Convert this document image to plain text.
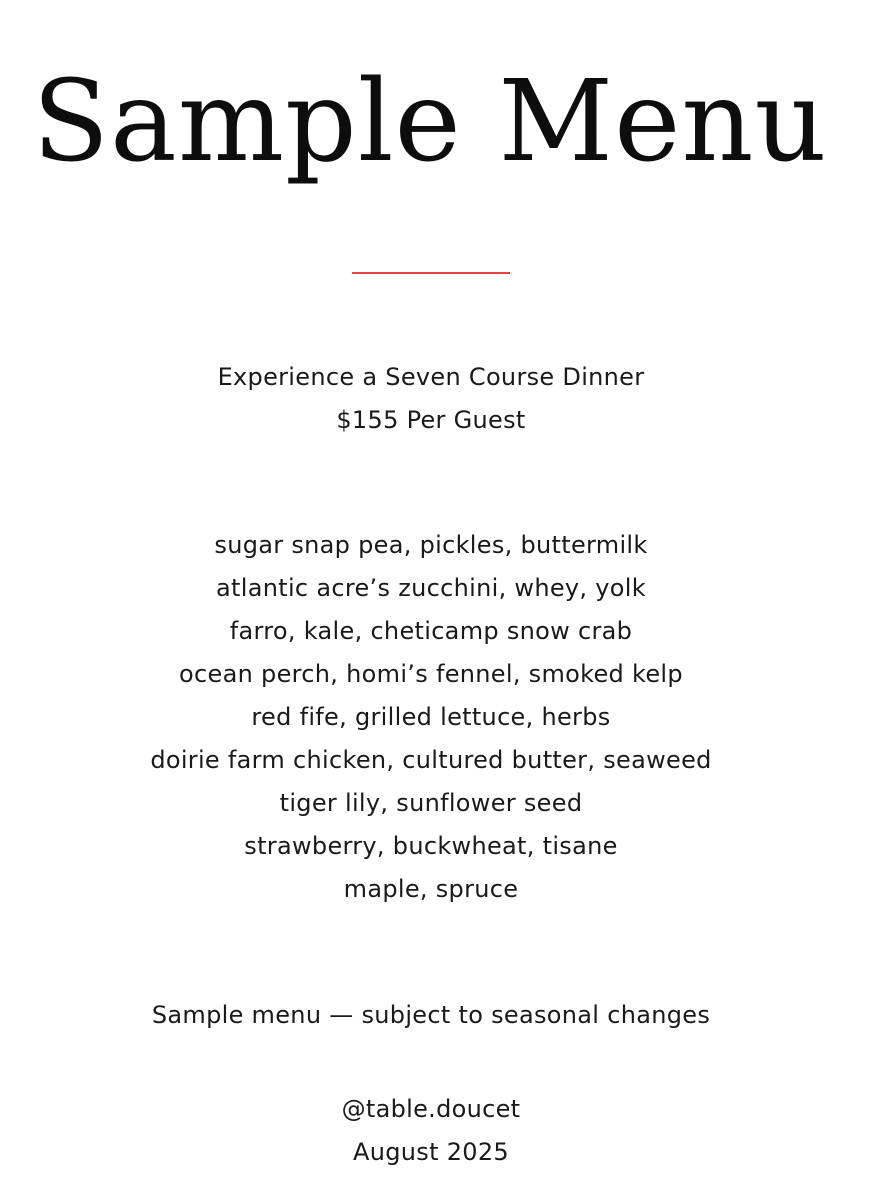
Sample Menu
Experience a Seven Course Dinner
$155 Per Guest
sugar snap pea, pickles, buttermilk
atlantic acre’s zucchini, whey, yolk
farro, kale, cheticamp snow crab
ocean perch, homi’s fennel, smoked kelp
red fife, grilled lettuce, herbs
doirie farm chicken, cultured butter, seaweed
tiger lily, sunflower seed
strawberry, buckwheat, tisane
maple, spruce
Sample menu — subject to seasonal changes
@table.doucet
August 2025
